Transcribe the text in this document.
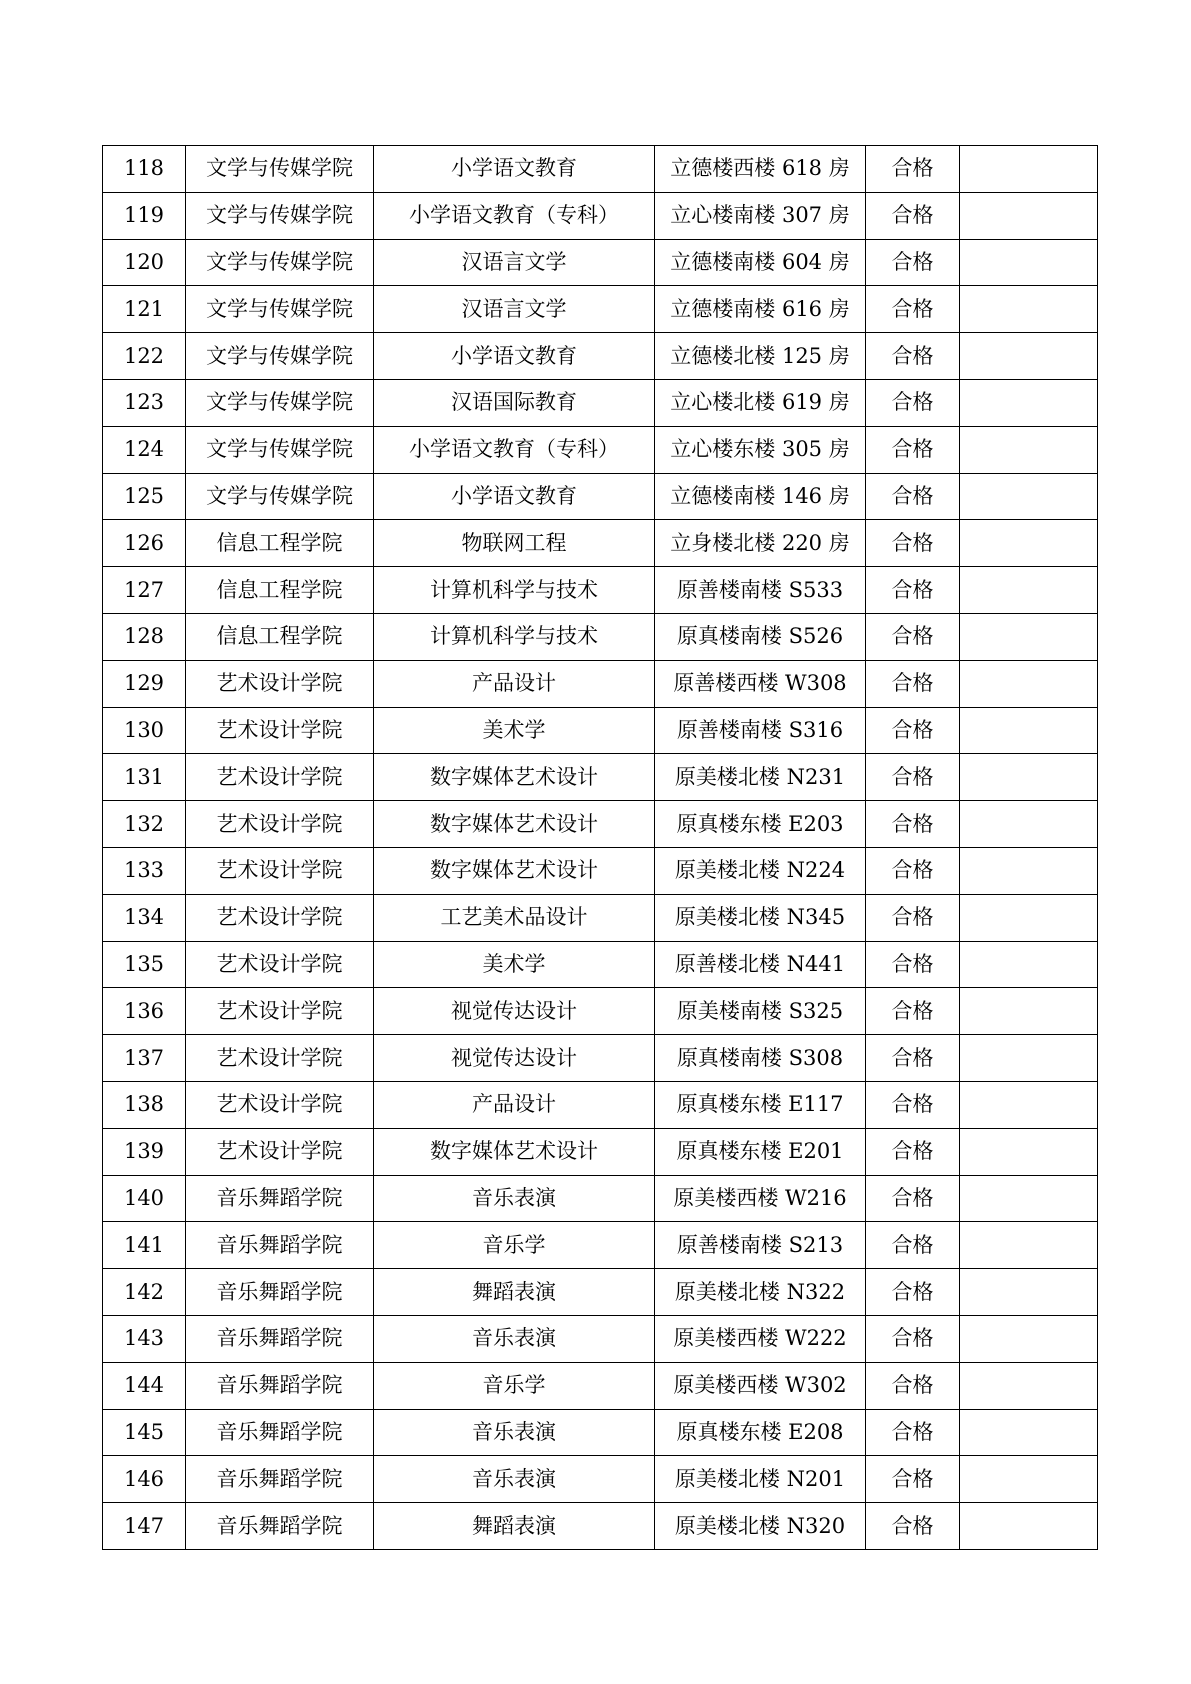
118	文学与传媒学院	小学语文教育	立德楼西楼 618 房	合格	
119	文学与传媒学院	小学语文教育（专科）	立心楼南楼 307 房	合格	
120	文学与传媒学院	汉语言文学	立德楼南楼 604 房	合格	
121	文学与传媒学院	汉语言文学	立德楼南楼 616 房	合格	
122	文学与传媒学院	小学语文教育	立德楼北楼 125 房	合格	
123	文学与传媒学院	汉语国际教育	立心楼北楼 619 房	合格	
124	文学与传媒学院	小学语文教育（专科）	立心楼东楼 305 房	合格	
125	文学与传媒学院	小学语文教育	立德楼南楼 146 房	合格	
126	信息工程学院	物联网工程	立身楼北楼 220 房	合格	
127	信息工程学院	计算机科学与技术	原善楼南楼 S533	合格	
128	信息工程学院	计算机科学与技术	原真楼南楼 S526	合格	
129	艺术设计学院	产品设计	原善楼西楼 W308	合格	
130	艺术设计学院	美术学	原善楼南楼 S316	合格	
131	艺术设计学院	数字媒体艺术设计	原美楼北楼 N231	合格	
132	艺术设计学院	数字媒体艺术设计	原真楼东楼 E203	合格	
133	艺术设计学院	数字媒体艺术设计	原美楼北楼 N224	合格	
134	艺术设计学院	工艺美术品设计	原美楼北楼 N345	合格	
135	艺术设计学院	美术学	原善楼北楼 N441	合格	
136	艺术设计学院	视觉传达设计	原美楼南楼 S325	合格	
137	艺术设计学院	视觉传达设计	原真楼南楼 S308	合格	
138	艺术设计学院	产品设计	原真楼东楼 E117	合格	
139	艺术设计学院	数字媒体艺术设计	原真楼东楼 E201	合格	
140	音乐舞蹈学院	音乐表演	原美楼西楼 W216	合格	
141	音乐舞蹈学院	音乐学	原善楼南楼 S213	合格	
142	音乐舞蹈学院	舞蹈表演	原美楼北楼 N322	合格	
143	音乐舞蹈学院	音乐表演	原美楼西楼 W222	合格	
144	音乐舞蹈学院	音乐学	原美楼西楼 W302	合格	
145	音乐舞蹈学院	音乐表演	原真楼东楼 E208	合格	
146	音乐舞蹈学院	音乐表演	原美楼北楼 N201	合格	
147	音乐舞蹈学院	舞蹈表演	原美楼北楼 N320	合格	
